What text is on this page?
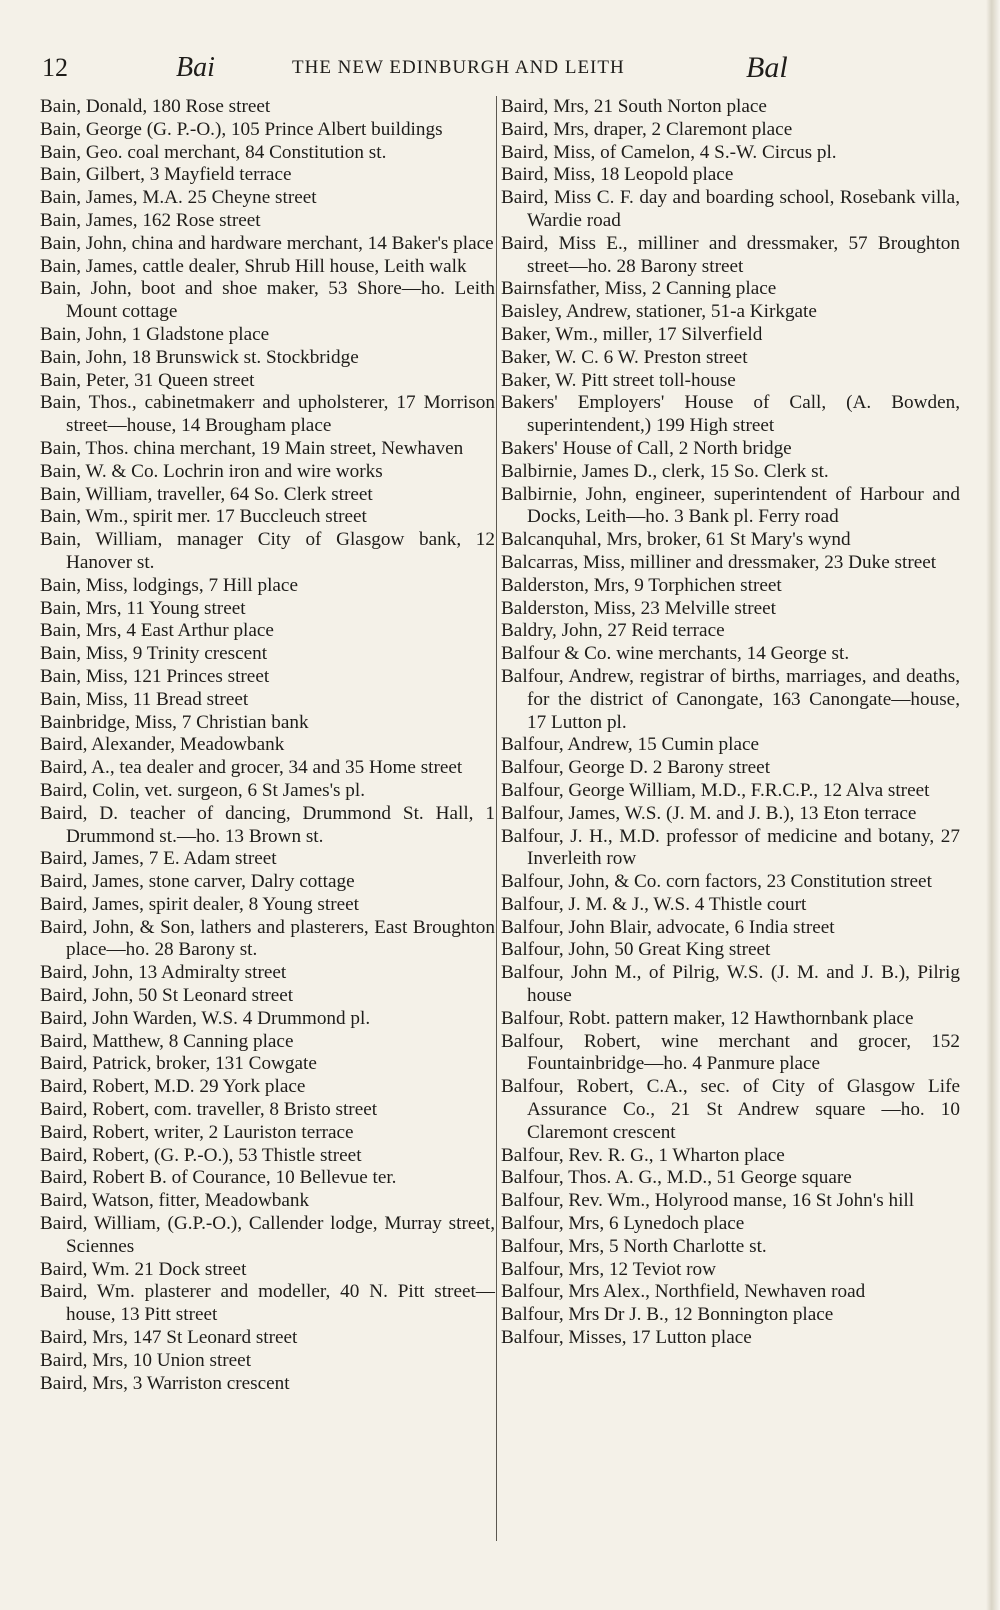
12	Bai	THE NEW EDINBURGH AND LEITH	Bal

Bain, Donald, 180 Rose street

Bain, George (G. P.-O.), 105 Prince Albert buildings

Bain, Geo. coal merchant, 84 Constitution st.

Bain, Gilbert, 3 Mayfield terrace

Bain, James, M.A. 25 Cheyne street

Bain, James, 162 Rose street

Bain, John, china and hardware merchant, 14 Baker's place

Bain, James, cattle dealer, Shrub Hill house, Leith walk

Bain, John, boot and shoe maker, 53 Shore—ho. Leith Mount cottage

Bain, John, 1 Gladstone place

Bain, John, 18 Brunswick st. Stockbridge

Bain, Peter, 31 Queen street

Bain, Thos., cabinetmakerr and upholsterer, 17 Morrison street—house, 14 Brougham place

Bain, Thos. china merchant, 19 Main street, Newhaven

Bain, W. & Co. Lochrin iron and wire works

Bain, William, traveller, 64 So. Clerk street

Bain, Wm., spirit mer. 17 Buccleuch street

Bain, William, manager City of Glasgow bank, 12 Hanover st.

Bain, Miss, lodgings, 7 Hill place

Bain, Mrs, 11 Young street

Bain, Mrs, 4 East Arthur place

Bain, Miss, 9 Trinity crescent

Bain, Miss, 121 Princes street

Bain, Miss, 11 Bread street

Bainbridge, Miss, 7 Christian bank

Baird, Alexander, Meadowbank

Baird, A., tea dealer and grocer, 34 and 35 Home street

Baird, Colin, vet. surgeon, 6 St James's pl.

Baird, D. teacher of dancing, Drummond St. Hall, 1 Drummond st.—ho. 13 Brown st.

Baird, James, 7 E. Adam street

Baird, James, stone carver, Dalry cottage

Baird, James, spirit dealer, 8 Young street

Baird, John, & Son, lathers and plasterers, East Broughton place—ho. 28 Barony st.

Baird, John, 13 Admiralty street

Baird, John, 50 St Leonard street

Baird, John Warden, W.S. 4 Drummond pl.

Baird, Matthew, 8 Canning place

Baird, Patrick, broker, 131 Cowgate

Baird, Robert, M.D. 29 York place

Baird, Robert, com. traveller, 8 Bristo street

Baird, Robert, writer, 2 Lauriston terrace

Baird, Robert, (G. P.-O.), 53 Thistle street

Baird, Robert B. of Courance, 10 Bellevue ter.

Baird, Watson, fitter, Meadowbank

Baird, William, (G.P.-O.), Callender lodge, Murray street, Sciennes

Baird, Wm. 21 Dock street

Baird, Wm. plasterer and modeller, 40 N. Pitt street—house, 13 Pitt street

Baird, Mrs, 147 St Leonard street

Baird, Mrs, 10 Union street

Baird, Mrs, 3 Warriston crescent

Baird, Mrs, 21 South Norton place

Baird, Mrs, draper, 2 Claremont place

Baird, Miss, of Camelon, 4 S.-W. Circus pl.

Baird, Miss, 18 Leopold place

Baird, Miss C. F. day and boarding school, Rosebank villa, Wardie road

Baird, Miss E., milliner and dressmaker, 57 Broughton street—ho. 28 Barony street

Bairnsfather, Miss, 2 Canning place

Baisley, Andrew, stationer, 51-a Kirkgate

Baker, Wm., miller, 17 Silverfield

Baker, W. C. 6 W. Preston street

Baker, W. Pitt street toll-house

Bakers' Employers' House of Call, (A. Bowden, superintendent,) 199 High street

Bakers' House of Call, 2 North bridge

Balbirnie, James D., clerk, 15 So. Clerk st.

Balbirnie, John, engineer, superintendent of Harbour and Docks, Leith—ho. 3 Bank pl. Ferry road

Balcanquhal, Mrs, broker, 61 St Mary's wynd

Balcarras, Miss, milliner and dressmaker, 23 Duke street

Balderston, Mrs, 9 Torphichen street

Balderston, Miss, 23 Melville street

Baldry, John, 27 Reid terrace

Balfour & Co. wine merchants, 14 George st.

Balfour, Andrew, registrar of births, marriages, and deaths, for the district of Canongate, 163 Canongate—house, 17 Lutton pl.

Balfour, Andrew, 15 Cumin place

Balfour, George D. 2 Barony street

Balfour, George William, M.D., F.R.C.P., 12 Alva street

Balfour, James, W.S. (J. M. and J. B.), 13 Eton terrace

Balfour, J. H., M.D. professor of medicine and botany, 27 Inverleith row

Balfour, John, & Co. corn factors, 23 Constitution street

Balfour, J. M. & J., W.S. 4 Thistle court

Balfour, John Blair, advocate, 6 India street

Balfour, John, 50 Great King street

Balfour, John M., of Pilrig, W.S. (J. M. and J. B.), Pilrig house

Balfour, Robt. pattern maker, 12 Hawthornbank place

Balfour, Robert, wine merchant and grocer, 152 Fountainbridge—ho. 4 Panmure place

Balfour, Robert, C.A., sec. of City of Glasgow Life Assurance Co., 21 St Andrew square —ho. 10 Claremont crescent

Balfour, Rev. R. G., 1 Wharton place

Balfour, Thos. A. G., M.D., 51 George square

Balfour, Rev. Wm., Holyrood manse, 16 St John's hill

Balfour, Mrs, 6 Lynedoch place

Balfour, Mrs, 5 North Charlotte st.

Balfour, Mrs, 12 Teviot row

Balfour, Mrs Alex., Northfield, Newhaven road

Balfour, Mrs Dr J. B., 12 Bonnington place

Balfour, Misses, 17 Lutton place
